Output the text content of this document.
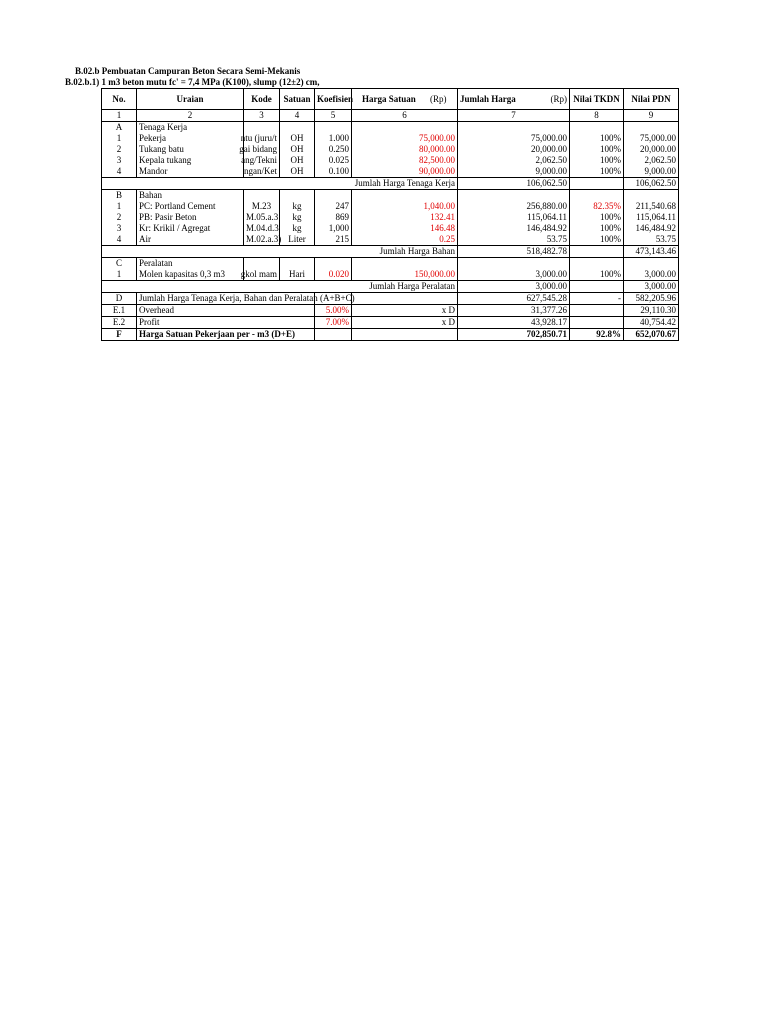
B.02.b Pembuatan Campuran Beton Secara Semi-Mekanis
B.02.b.1) 1 m3 beton mutu fc' = 7,4 MPa (K100), slump (12±2) cm,
No.	Uraian	Kode	Satuan	Koefisien	Harga Satuan (Rp)	Jumlah Harga (Rp)	Nilai TKDN	Nilai PDN
1	2	3	4	5	6	7	8	9
A	Tenaga Kerja							
1	Pekerja	ntu (juru/t	OH	1.000	75,000.00	75,000.00	100%	75,000.00
2	Tukang batu	gai bidang	OH	0.250	80,000.00	20,000.00	100%	20,000.00
3	Kepala tukang	ang/Tekni	OH	0.025	82,500.00	2,062.50	100%	2,062.50
4	Mandor	ngan/Ket	OH	0.100	90,000.00	9,000.00	100%	9,000.00
Jumlah Harga Tenaga Kerja						106,062.50		106,062.50
B	Bahan							
1	PC: Portland Cement	M.23	kg	247	1,040.00	256,880.00	82.35%	211,540.68
2	PB: Pasir Beton	M.05.a.3	kg	869	132.41	115,064.11	100%	115,064.11
3	Kr: Krikil / Agregat	M.04.d.3	kg	1,000	146.48	146,484.92	100%	146,484.92
4	Air	M.02.a.3)	Liter	215	0.25	53.75	100%	53.75
Jumlah Harga Bahan						518,482.78		473,143.46
C	Peralatan							
1	Molen kapasitas 0,3 m3	gkol mam	Hari	0.020	150,000.00	3,000.00	100%	3,000.00
Jumlah Harga Peralatan						3,000.00		3,000.00
D	Jumlah Harga Tenaga Kerja, Bahan dan Peralatan (A+B+C)					627,545.28	-	582,205.96
E.1	Overhead			5.00%	x D	31,377.26		29,110.30
E.2	Profit			7.00%	x D	43,928.17		40,754.42
F	Harga Satuan Pekerjaan per - m3 (D+E)					702,850.71	92.8%	652,070.67
